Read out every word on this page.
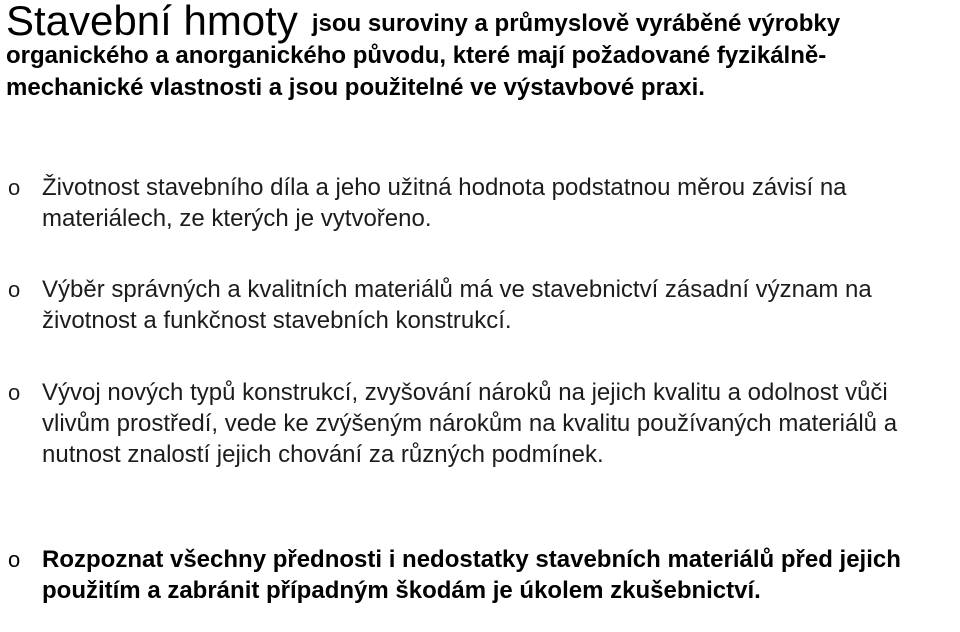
Stavební hmoty jsou suroviny a průmyslově vyráběné výrobky organického a anorganického původu, které mají požadované fyzikálně-mechanické vlastnosti a jsou použitelné ve výstavbové praxi.

o Životnost stavebního díla a jeho užitná hodnota podstatnou měrou závisí na materiálech, ze kterých je vytvořeno.

o Výběr správných a kvalitních materiálů má ve stavebnictví zásadní význam na životnost a funkčnost stavebních konstrukcí.

o Vývoj nových typů konstrukcí, zvyšování nároků na jejich kvalitu a odolnost vůči vlivům prostředí, vede ke zvýšeným nárokům na kvalitu používaných materiálů a nutnost znalostí jejich chování za různých podmínek.

o Rozpoznat všechny přednosti i nedostatky stavebních materiálů před jejich použitím a zabránit případným škodám je úkolem zkušebnictví.
